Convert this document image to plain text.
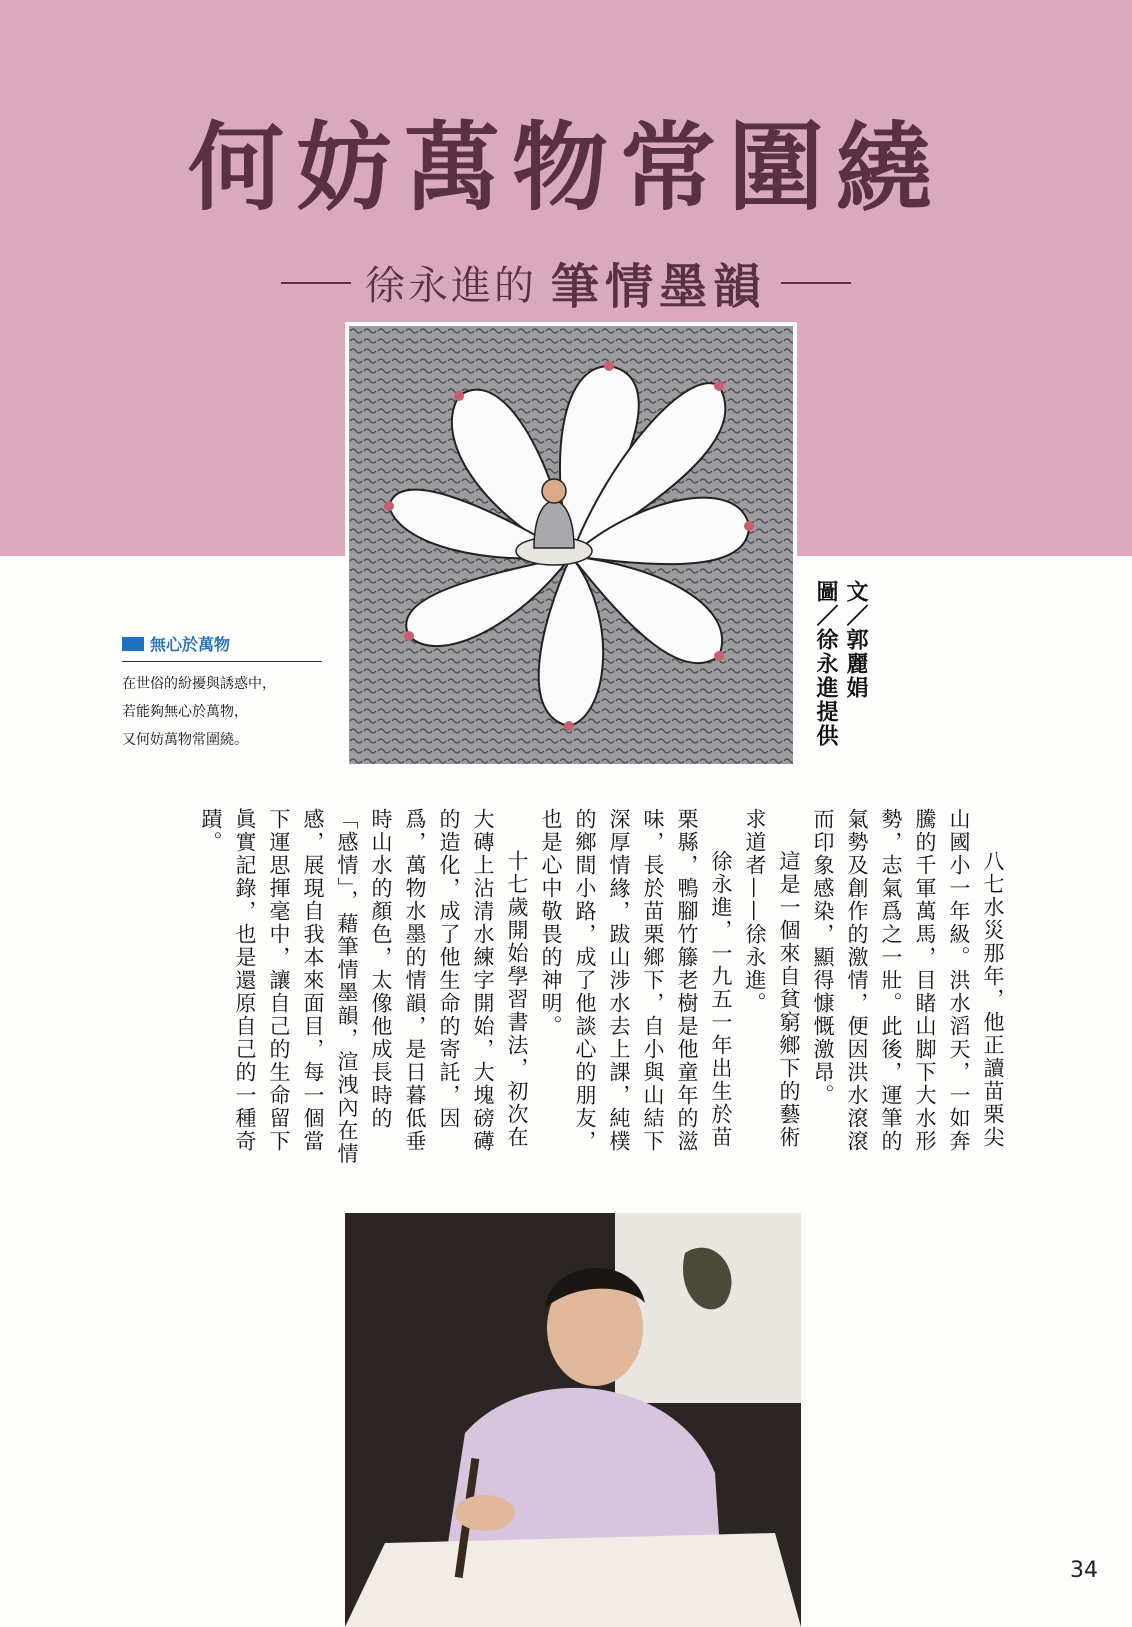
何妨萬物常圍繞
徐永進的 筆情墨韻
文／郭麗娟
圖／徐永進提供
無心於萬物
在世俗的紛擾與誘惑中，
若能夠無心於萬物，
又何妨萬物常圍繞。

八七水災那年，他正讀苗栗尖山國小一年級。洪水滔天，一如奔騰的千軍萬馬，目睹山脚下大水形勢，志氣爲之一壯。此後，運筆的氣勢及創作的激情，便因洪水滾滾而印象感染，顯得慷慨激昂。

這是一個來自貧窮鄉下的藝術求道者——徐永進。

徐永進，一九五一年出生於苗栗縣，鴨腳竹籐老樹是他童年的滋味，長於苗栗鄉下，自小與山結下深厚情緣，跋山涉水去上課，純樸的鄉間小路，成了他談心的朋友，也是心中敬畏的神明。

十七歲開始學習書法，初次在大磚上沾清水練字開始，大塊磅礡的造化，成了他生命的寄託，因爲，萬物水墨的情韻，是日暮低垂時山水的顏色，太像他成長時的「感情」，藉筆情墨韻，渲洩內在情感，展現自我本來面目，每一個當下運思揮毫中，讓自己的生命留下眞實記錄，也是還原自己的一種奇蹟。

34
